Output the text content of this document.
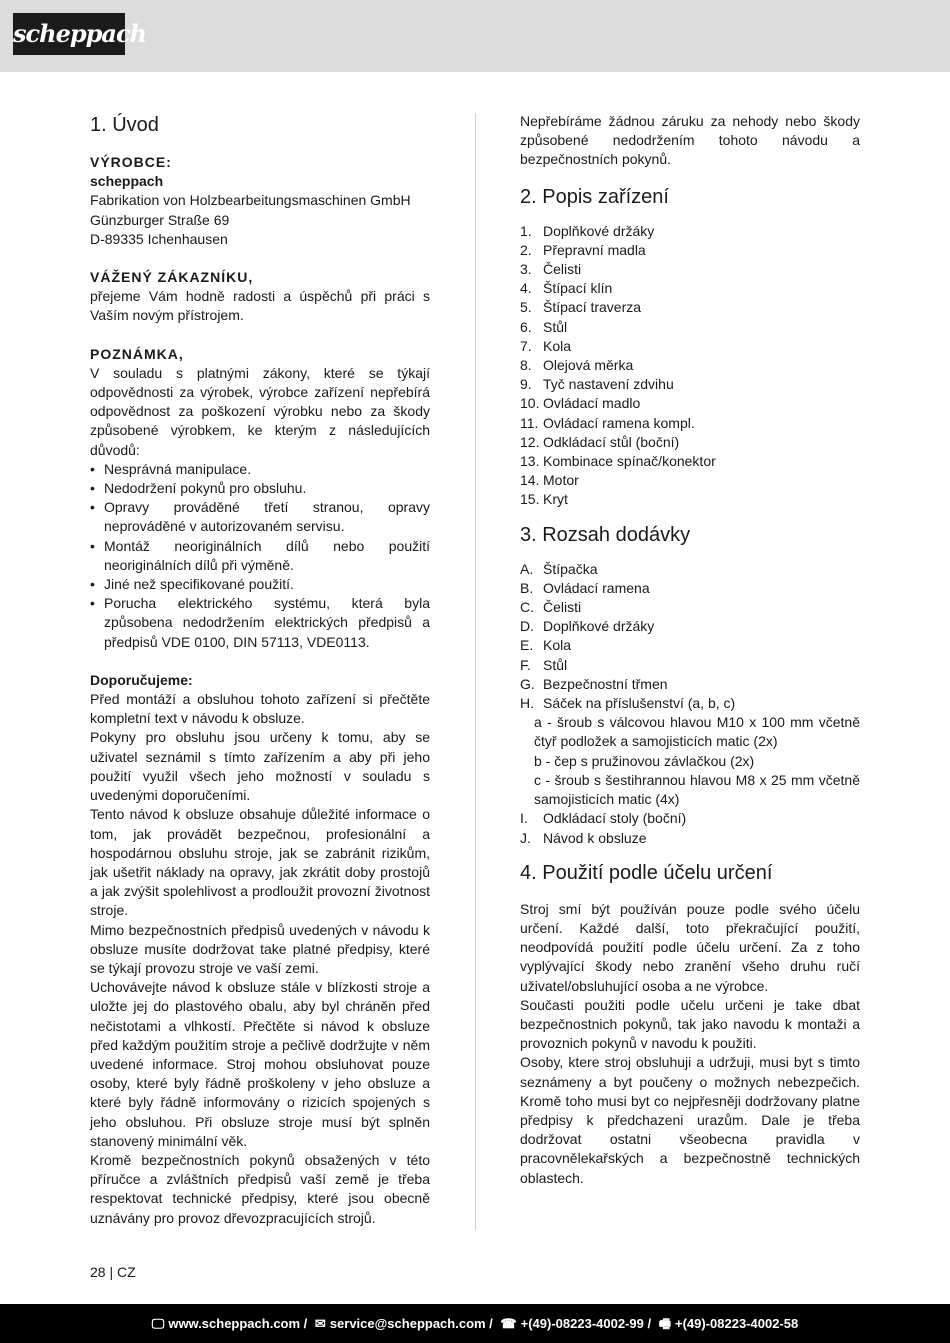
scheppach
1. Úvod

VÝROBCE:

scheppach

Fabrikation von Holzbearbeitungsmaschinen GmbH

Günzburger Straße 69

D-89335 Ichenhausen

VÁŽENÝ ZÁKAZNÍKU,

přejeme Vám hodně radosti a úspěchů při práci s Vaším novým přístrojem.

POZNÁMKA,

V souladu s platnými zákony, které se týkají odpovědnosti za výrobek, výrobce zařízení nepřebírá odpovědnost za poškození výrobku nebo za škody způsobené výrobkem, ke kterým z následujících důvodů:

• Nesprávná manipulace.
• Nedodržení pokynů pro obsluhu.
• Opravy prováděné třetí stranou, opravy neprováděné v autorizovaném servisu.
• Montáž neoriginálních dílů nebo použití neoriginálních dílů při výměně.
• Jiné než specifikované použití.
• Porucha elektrického systému, která byla způsobena nedodržením elektrických předpisů a předpisů VDE 0100, DIN 57113, VDE0113.

Doporučujeme:

Před montáží a obsluhou tohoto zařízení si přečtěte kompletní text v návodu k obsluze.

Pokyny pro obsluhu jsou určeny k tomu, aby se uživatel seznámil s tímto zařízením a aby při jeho použití využil všech jeho možností v souladu s uvedenými doporučeními.

Tento návod k obsluze obsahuje důležité informace o tom, jak provádět bezpečnou, profesionální a hospodárnou obsluhu stroje, jak se zabránit rizikům, jak ušetřit náklady na opravy, jak zkrátit doby prostojů a jak zvýšit spolehlivost a prodloužit provozní životnost stroje.

Mimo bezpečnostních předpisů uvedených v návodu k obsluze musíte dodržovat take platné předpisy, které se týkají provozu stroje ve vaší zemi.

Uchovávejte návod k obsluze stále v blízkosti stroje a uložte jej do plastového obalu, aby byl chráněn před nečistotami a vlhkostí. Přečtěte si návod k obsluze před každým použitím stroje a pečlivě dodržujte v něm uvedené informace. Stroj mohou obsluhovat pouze osoby, které byly řádně proškoleny v jeho obsluze a které byly řádně informovány o rizicích spojených s jeho obsluhou. Při obsluze stroje musí být splněn stanovený minimální věk.

Kromě bezpečnostních pokynů obsažených v této příručce a zvláštních předpisů vaší země je třeba respektovat technické předpisy, které jsou obecně uznávány pro provoz dřevozpracujících strojů.

Nepřebíráme žádnou záruku za nehody nebo škody způsobené nedodržením tohoto návodu a bezpečnostních pokynů.

2. Popis zařízení
1. Doplňkové držáky
2. Přepravní madla
3. Čelisti
4. Štípací klín
5. Štípací traverza
6. Stůl
7. Kola
8. Olejová měrka
9. Tyč nastavení zdvihu
10. Ovládací madlo
11. Ovládací ramena kompl.
12. Odkládací stůl (boční)
13. Kombinace spínač/konektor
14. Motor
15. Kryt
3. Rozsah dodávky
A. Štípačka
B. Ovládací ramena
C. Čelisti
D. Doplňkové držáky
E. Kola
F. Stůl
G. Bezpečnostní třmen
H. Sáček na příslušenství (a, b, c)
a - šroub s válcovou hlavou M10 x 100 mm včetně čtyř podložek a samojisticích matic (2x)
b - čep s pružinovou závlačkou (2x)
c - šroub s šestihrannou hlavou M8 x 25 mm včetně samojisticích matic (4x)
I. Odkládací stoly (boční)
J. Návod k obsluze
4. Použití podle účelu určení

Stroj smí být používán pouze podle svého účelu určení. Každé další, toto překračující použití, neodpovídá použití podle účelu určení. Za z toho vyplývající škody nebo zranění všeho druhu ručí uživatel/obsluhující osoba a ne výrobce.

Současti použiti podle učelu určeni je take dbat bezpečnostnich pokynů, tak jako navodu k montaži a provoznich pokynů v navodu k použiti.

Osoby, ktere stroj obsluhuji a udržuji, musi byt s timto seznámeny a byt poučeny o možnych nebezpečich. Kromě toho musi byt co nejpřesněji dodržovany platne předpisy k předchazeni urazům. Dale je třeba dodržovat ostatni všeobecna pravidla v pracovnělekařských a bezpečnostně technických oblastech.

28 | CZ
🖵 www.scheppach.com / ✉ service@scheppach.com / ☎ +(49)-08223-4002-99 / 🖷 +(49)-08223-4002-58
